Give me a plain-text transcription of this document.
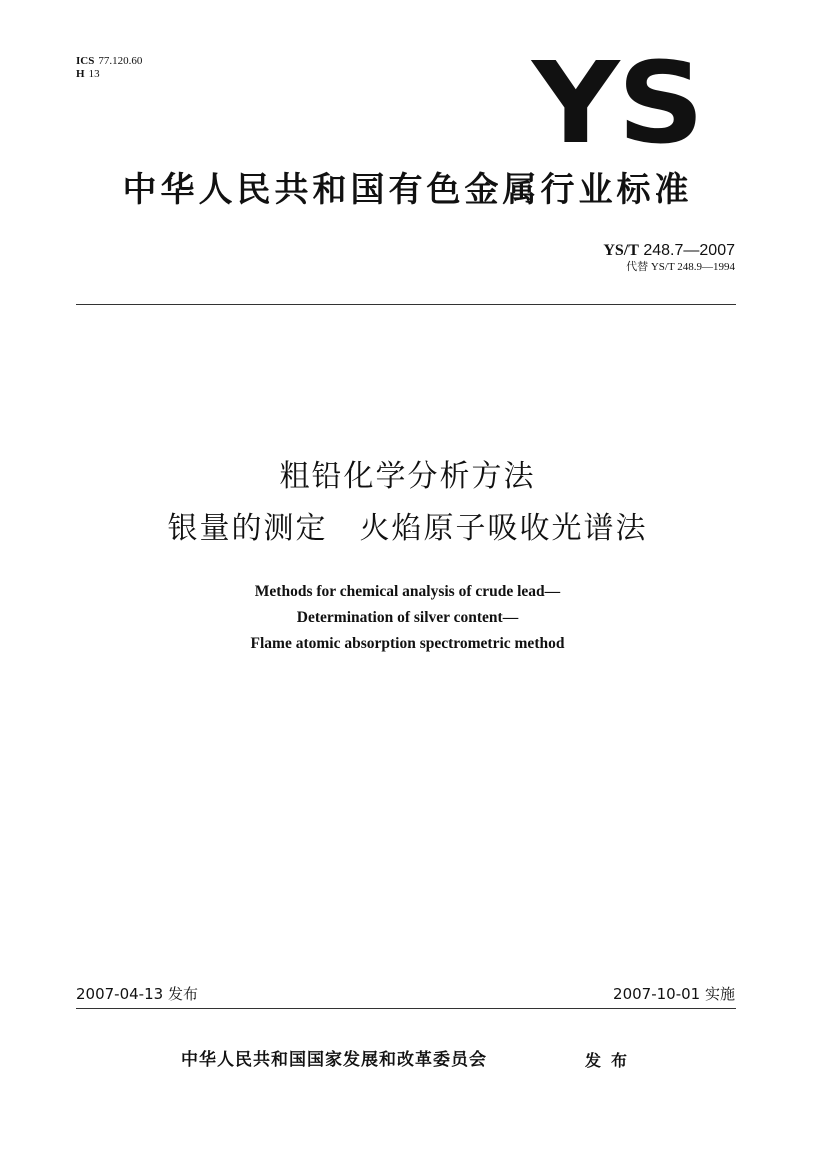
ICS 77.120.60
H 13	YS
中华人民共和国有色金属行业标准
YS/T 248.7—2007
代替 YS/T 248.9—1994
粗铅化学分析方法
银量的测定　火焰原子吸收光谱法
Methods for chemical analysis of crude lead—
Determination of silver content—
Flame atomic absorption spectrometric method
2007-04-13 发布	2007-10-01 实施
中华人民共和国国家发展和改革委员会	发布
